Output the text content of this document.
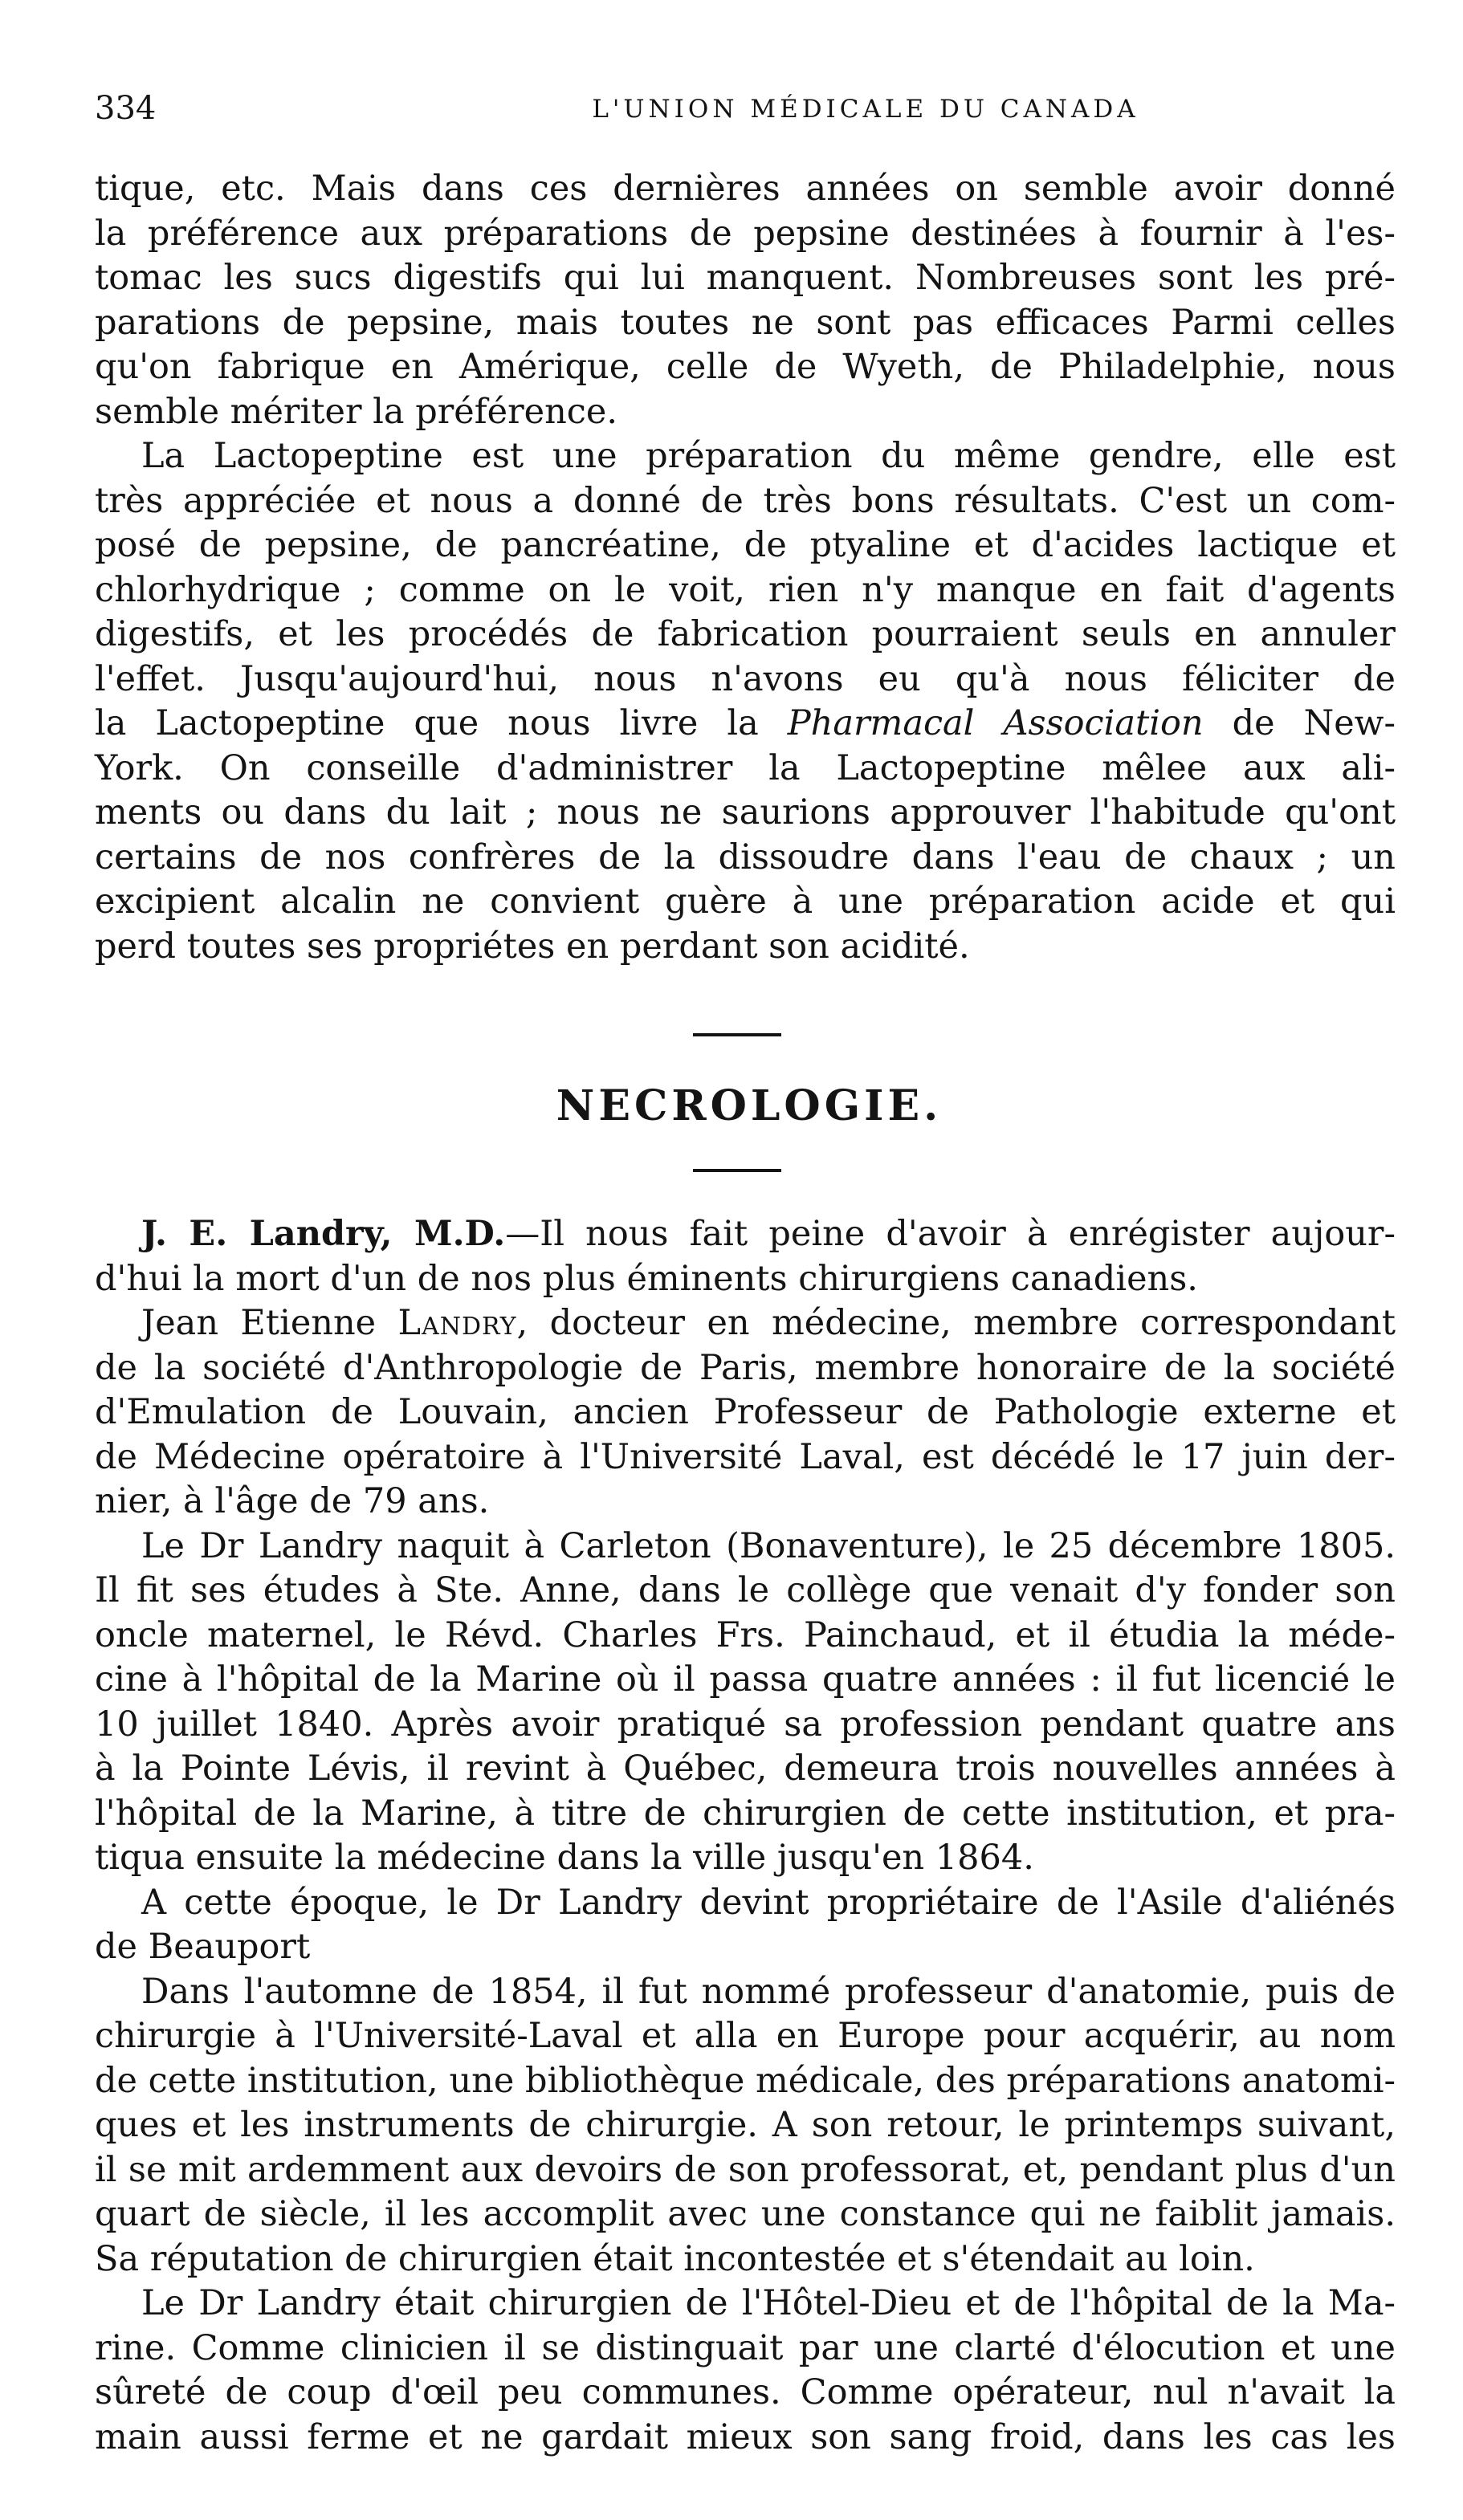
334	L'UNION MÉDICALE DU CANADA
tique, etc. Mais dans ces dernières années on semble avoir donné
la préférence aux préparations de pepsine destinées à fournir à l'es-
tomac les sucs digestifs qui lui manquent. Nombreuses sont les pré-
parations de pepsine, mais toutes ne sont pas efficaces Parmi celles
qu'on fabrique en Amérique, celle de Wyeth, de Philadelphie, nous
semble mériter la préférence.
La Lactopeptine est une préparation du même gendre, elle est
très appréciée et nous a donné de très bons résultats. C'est un com-
posé de pepsine, de pancréatine, de ptyaline et d'acides lactique et
chlorhydrique ; comme on le voit, rien n'y manque en fait d'agents
digestifs, et les procédés de fabrication pourraient seuls en annuler
l'effet. Jusqu'aujourd'hui, nous n'avons eu qu'à nous féliciter de
la Lactopeptine que nous livre la Pharmacal Association de New-
York. On conseille d'administrer la Lactopeptine mêlee aux ali-
ments ou dans du lait ; nous ne saurions approuver l'habitude qu'ont
certains de nos confrères de la dissoudre dans l'eau de chaux ; un
excipient alcalin ne convient guère à une préparation acide et qui
perd toutes ses propriétes en perdant son acidité.
NECROLOGIE.
J. E. Landry, M.D.—Il nous fait peine d'avoir à enrégister aujour-
d'hui la mort d'un de nos plus éminents chirurgiens canadiens.
Jean Etienne Landry, docteur en médecine, membre correspondant
de la société d'Anthropologie de Paris, membre honoraire de la société
d'Emulation de Louvain, ancien Professeur de Pathologie externe et
de Médecine opératoire à l'Université Laval, est décédé le 17 juin der-
nier, à l'âge de 79 ans.
Le Dr Landry naquit à Carleton (Bonaventure), le 25 décembre 1805.
Il fit ses études à Ste. Anne, dans le collège que venait d'y fonder son
oncle maternel, le Révd. Charles Frs. Painchaud, et il étudia la méde-
cine à l'hôpital de la Marine où il passa quatre années : il fut licencié le
10 juillet 1840. Après avoir pratiqué sa profession pendant quatre ans
à la Pointe Lévis, il revint à Québec, demeura trois nouvelles années à
l'hôpital de la Marine, à titre de chirurgien de cette institution, et pra-
tiqua ensuite la médecine dans la ville jusqu'en 1864.
A cette époque, le Dr Landry devint propriétaire de l'Asile d'aliénés
de Beauport
Dans l'automne de 1854, il fut nommé professeur d'anatomie, puis de
chirurgie à l'Université-Laval et alla en Europe pour acquérir, au nom
de cette institution, une bibliothèque médicale, des préparations anatomi-
ques et les instruments de chirurgie. A son retour, le printemps suivant,
il se mit ardemment aux devoirs de son professorat, et, pendant plus d'un
quart de siècle, il les accomplit avec une constance qui ne faiblit jamais.
Sa réputation de chirurgien était incontestée et s'étendait au loin.
Le Dr Landry était chirurgien de l'Hôtel-Dieu et de l'hôpital de la Ma-
rine. Comme clinicien il se distinguait par une clarté d'élocution et une
sûreté de coup d'œil peu communes. Comme opérateur, nul n'avait la
main aussi ferme et ne gardait mieux son sang froid, dans les cas les
